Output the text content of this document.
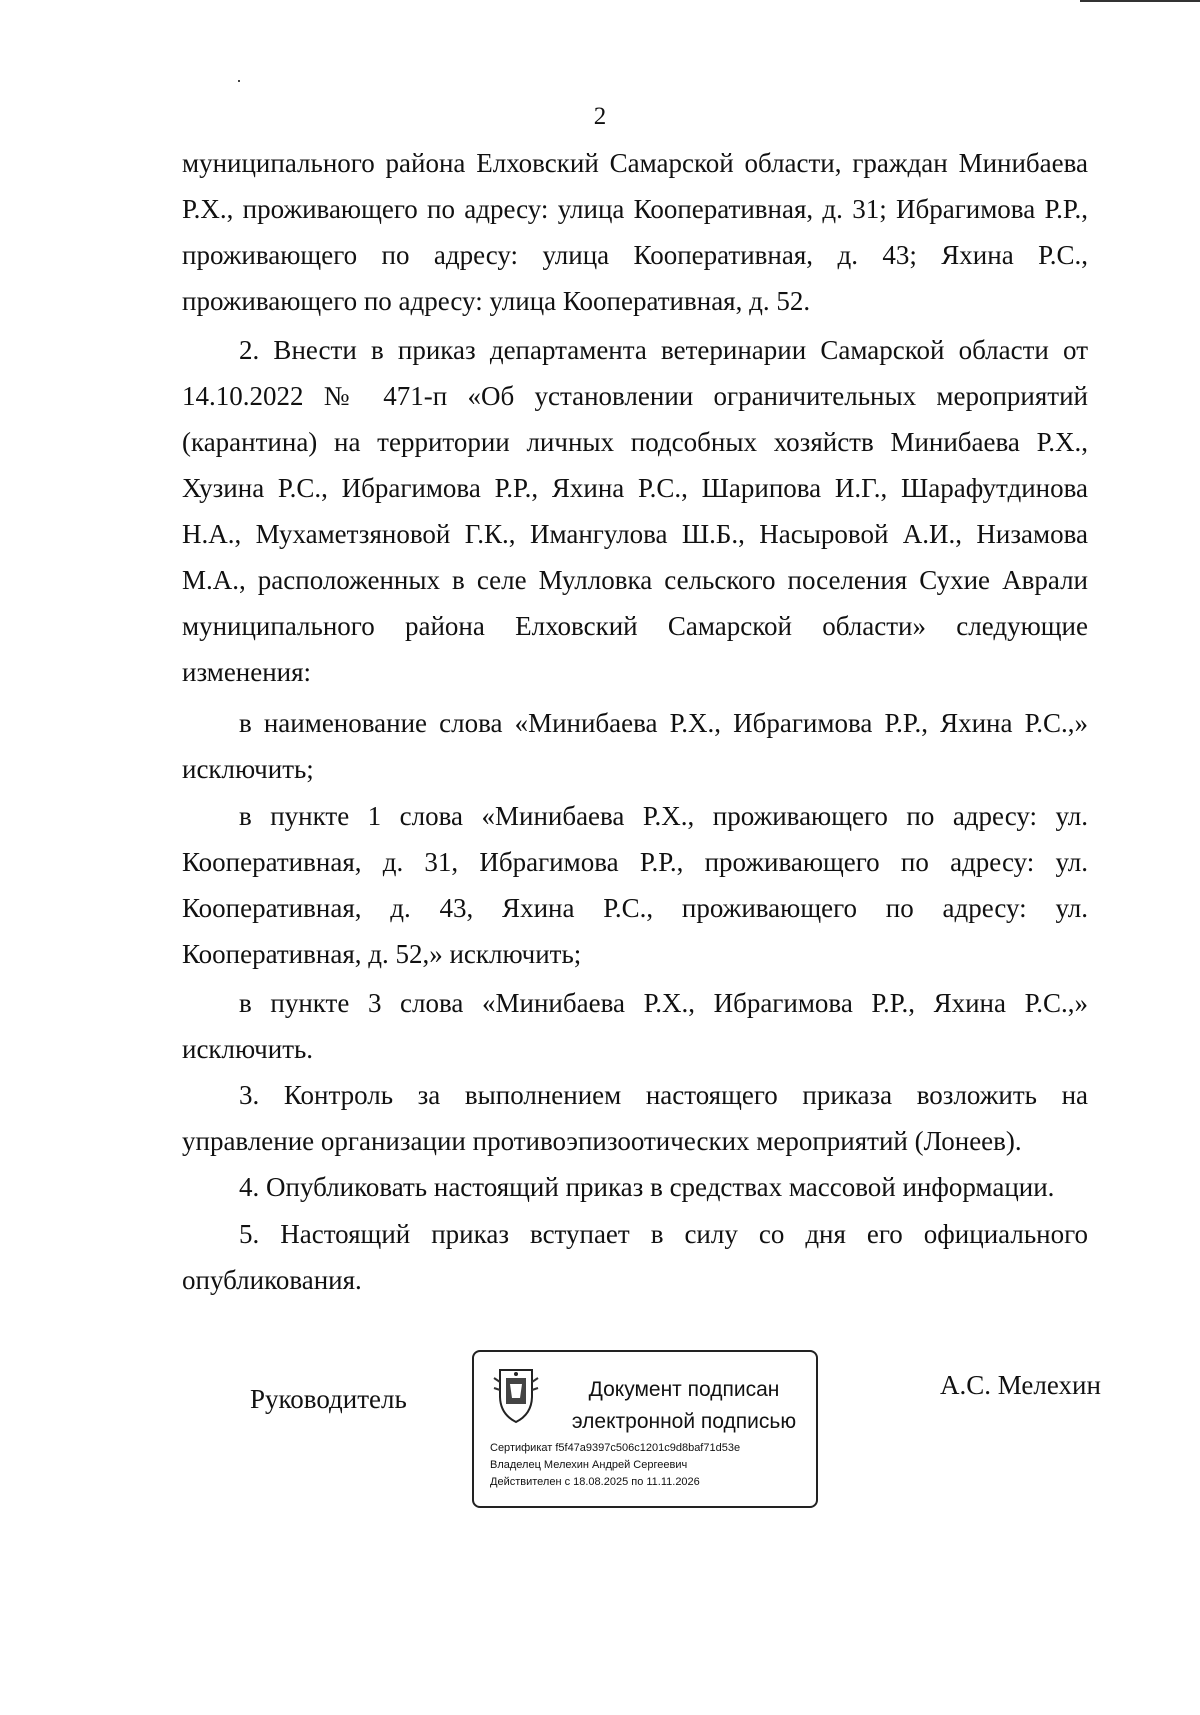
2

муниципального района Елховский Самарской области, граждан Минибаева Р.Х., проживающего по адресу: улица Кооперативная, д. 31; Ибрагимова Р.Р., проживающего по адресу: улица Кооперативная, д. 43; Яхина Р.С., проживающего по адресу: улица Кооперативная, д. 52.

2. Внести в приказ департамента ветеринарии Самарской области от 14.10.2022 № 471-п «Об установлении ограничительных мероприятий (карантина) на территории личных подсобных хозяйств Минибаева Р.Х., Хузина Р.С., Ибрагимова Р.Р., Яхина Р.С., Шарипова И.Г., Шарафутдинова Н.А., Мухаметзяновой Г.К., Имангулова Ш.Б., Насыровой А.И., Низамова М.А., расположенных в селе Мулловка сельского поселения Сухие Аврали муниципального района Елховский Самарской области» следующие изменения:

в наименование слова «Минибаева Р.Х., Ибрагимова Р.Р., Яхина Р.С.,» исключить;

в пункте 1 слова «Минибаева Р.Х., проживающего по адресу: ул. Кооперативная, д. 31, Ибрагимова Р.Р., проживающего по адресу: ул. Кооперативная, д. 43, Яхина Р.С., проживающего по адресу: ул. Кооперативная, д. 52,» исключить;

в пункте 3 слова «Минибаева Р.Х., Ибрагимова Р.Р., Яхина Р.С.,» исключить.

3. Контроль за выполнением настоящего приказа возложить на управление организации противоэпизоотических мероприятий (Лонеев).

4. Опубликовать настоящий приказ в средствах массовой информации.

5. Настоящий приказ вступает в силу со дня его официального опубликования.

Руководитель	Документ подписан
электронной подписью
Сертификат f5f47a9397c506c1201c9d8baf71d53e
Владелец Мелехин Андрей Сергеевич
Действителен с 18.08.2025 по 11.11.2026
А.С. Мелехин
